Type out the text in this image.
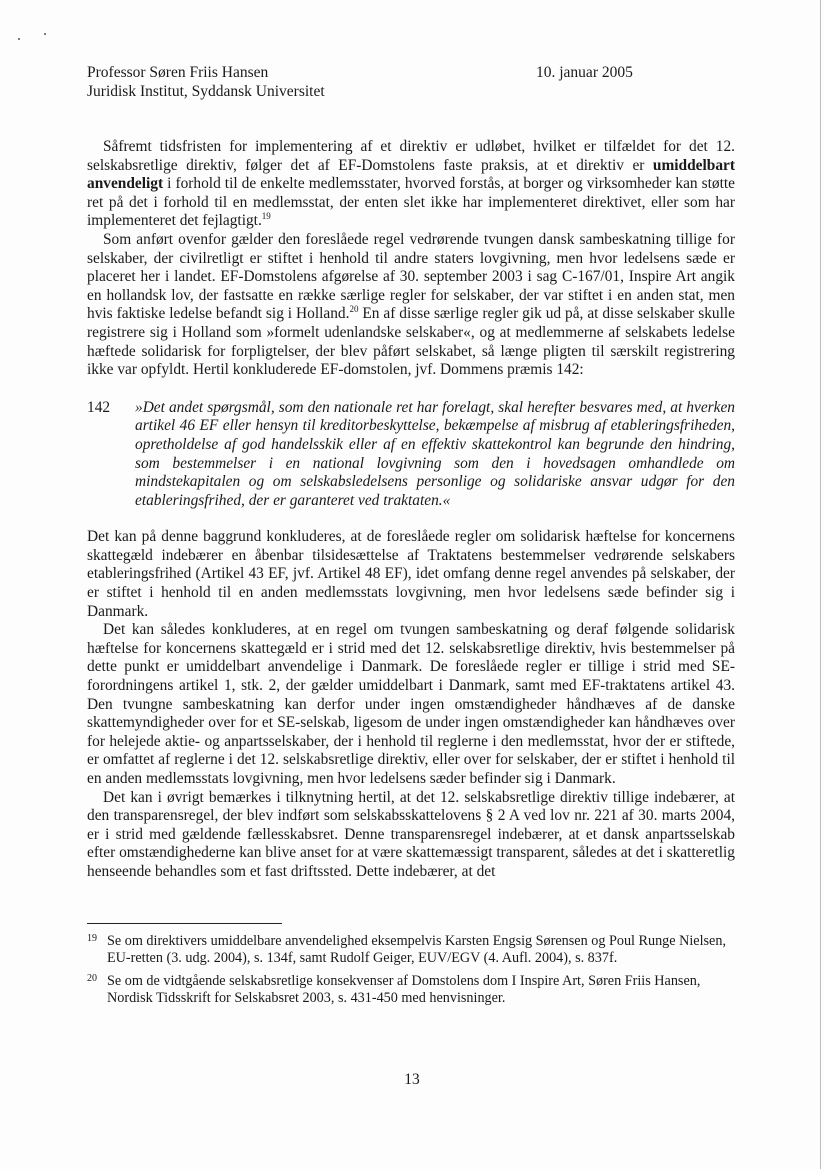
Professor Søren Friis Hansen
Juridisk Institut, Syddansk Universitet
10. januar 2005

Såfremt tidsfristen for implementering af et direktiv er udløbet, hvilket er tilfældet for det 12. selskabsretlige direktiv, følger det af EF-Domstolens faste praksis, at et direktiv er umiddelbart anvendeligt i forhold til de enkelte medlemsstater, hvorved forstås, at borger og virksomheder kan støtte ret på det i forhold til en medlemsstat, der enten slet ikke har implementeret direktivet, eller som har implementeret det fejlagtigt.$^{19}$

Som anført ovenfor gælder den foreslåede regel vedrørende tvungen dansk sambeskatning tillige for selskaber, der civilretligt er stiftet i henhold til andre staters lovgivning, men hvor ledelsens sæde er placeret her i landet. EF-Domstolens afgørelse af 30. september 2003 i sag C-167/01, Inspire Art angik en hollandsk lov, der fastsatte en række særlige regler for selskaber, der var stiftet i en anden stat, men hvis faktiske ledelse befandt sig i Holland.$^{20}$ En af disse særlige regler gik ud på, at disse selskaber skulle registrere sig i Holland som »formelt udenlandske selskaber«, og at medlemmerne af selskabets ledelse hæftede solidarisk for forpligtelser, der blev påført selskabet, så længe pligten til særskilt registrering ikke var opfyldt. Hertil konkluderede EF-domstolen, jvf. Dommens præmis 142:

142	»Det andet spørgsmål, som den nationale ret har forelagt, skal herefter besvares med, at hverken artikel 46 EF eller hensyn til kreditorbeskyttelse, bekæmpelse af misbrug af etableringsfriheden, opretholdelse af god handelsskik eller af en effektiv skattekontrol kan begrunde den hindring, som bestemmelser i en national lovgivning som den i hovedsagen omhandlede om mindstekapitalen og om selskabsledelsens personlige og solidariske ansvar udgør for den etableringsfrihed, der er garanteret ved traktaten.«

Det kan på denne baggrund konkluderes, at de foreslåede regler om solidarisk hæftelse for koncernens skattegæld indebærer en åbenbar tilsidesættelse af Traktatens bestemmelser vedrørende selskabers etableringsfrihed (Artikel 43 EF, jvf. Artikel 48 EF), idet omfang denne regel anvendes på selskaber, der er stiftet i henhold til en anden medlemsstats lovgivning, men hvor ledelsens sæde befinder sig i Danmark.

Det kan således konkluderes, at en regel om tvungen sambeskatning og deraf følgende solidarisk hæftelse for koncernens skattegæld er i strid med det 12. selskabsretlige direktiv, hvis bestemmelser på dette punkt er umiddelbart anvendelige i Danmark. De foreslåede regler er tillige i strid med SE-forordningens artikel 1, stk. 2, der gælder umiddelbart i Danmark, samt med EF-traktatens artikel 43. Den tvungne sambeskatning kan derfor under ingen omstændigheder håndhæves af de danske skattemyndigheder over for et SE-selskab, ligesom de under ingen omstændigheder kan håndhæves over for helejede aktie- og anpartsselskaber, der i henhold til reglerne i den medlemsstat, hvor der er stiftede, er omfattet af reglerne i det 12. selskabsretlige direktiv, eller over for selskaber, der er stiftet i henhold til en anden medlemsstats lovgivning, men hvor ledelsens sæder befinder sig i Danmark.

Det kan i øvrigt bemærkes i tilknytning hertil, at det 12. selskabsretlige direktiv tillige indebærer, at den transparensregel, der blev indført som selskabsskattelovens § 2 A ved lov nr. 221 af 30. marts 2004, er i strid med gældende fællesskabsret. Denne transparensregel indebærer, at et dansk anpartsselskab efter omstændighederne kan blive anset for at være skattemæssigt transparent, således at det i skatteretlig henseende behandles som et fast driftssted. Dette indebærer, at det

19 Se om direktivers umiddelbare anvendelighed eksempelvis Karsten Engsig Sørensen og Poul Runge Nielsen, EU-retten (3. udg. 2004), s. 134f, samt Rudolf Geiger, EUV/EGV (4. Aufl. 2004), s. 837f.
20 Se om de vidtgående selskabsretlige konsekvenser af Domstolens dom I Inspire Art, Søren Friis Hansen, Nordisk Tidsskrift for Selskabsret 2003, s. 431-450 med henvisninger.
13
